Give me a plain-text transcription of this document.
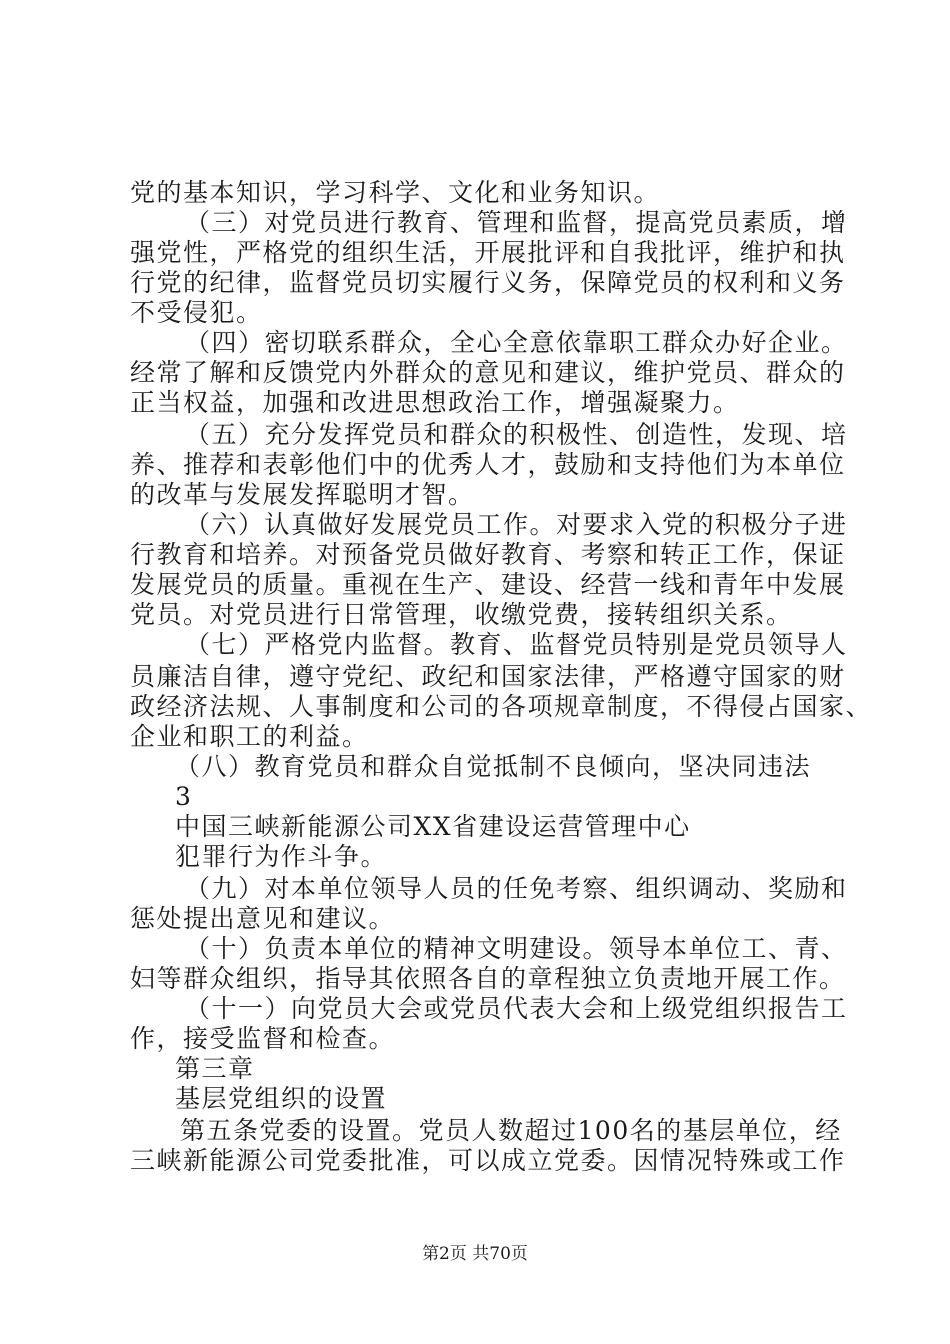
党的基本知识，学习科学、文化和业务知识。
（三）对党员进行教育、管理和监督，提高党员素质，增
强党性，严格党的组织生活，开展批评和自我批评，维护和执
行党的纪律，监督党员切实履行义务，保障党员的权利和义务
不受侵犯。
（四）密切联系群众，全心全意依靠职工群众办好企业。
经常了解和反馈党内外群众的意见和建议，维护党员、群众的
正当权益，加强和改进思想政治工作，增强凝聚力。
（五）充分发挥党员和群众的积极性、创造性，发现、培
养、推荐和表彰他们中的优秀人才，鼓励和支持他们为本单位
的改革与发展发挥聪明才智。
（六）认真做好发展党员工作。对要求入党的积极分子进
行教育和培养。对预备党员做好教育、考察和转正工作，保证
发展党员的质量。重视在生产、建设、经营一线和青年中发展
党员。对党员进行日常管理，收缴党费，接转组织关系。
（七）严格党内监督。教育、监督党员特别是党员领导人
员廉洁自律，遵守党纪、政纪和国家法律，严格遵守国家的财
政经济法规、人事制度和公司的各项规章制度，不得侵占国家、
企业和职工的利益。
（八）教育党员和群众自觉抵制不良倾向，坚决同违法
3
中国三峡新能源公司XX省建设运营管理中心
犯罪行为作斗争。
（九）对本单位领导人员的任免考察、组织调动、奖励和
惩处提出意见和建议。
（十）负责本单位的精神文明建设。领导本单位工、青、
妇等群众组织，指导其依照各自的章程独立负责地开展工作。
（十一）向党员大会或党员代表大会和上级党组织报告工
作，接受监督和检查。
第三章
基层党组织的设置
第五条党委的设置。党员人数超过100名的基层单位，经
三峡新能源公司党委批准，可以成立党委。因情况特殊或工作
第2页 共70页
